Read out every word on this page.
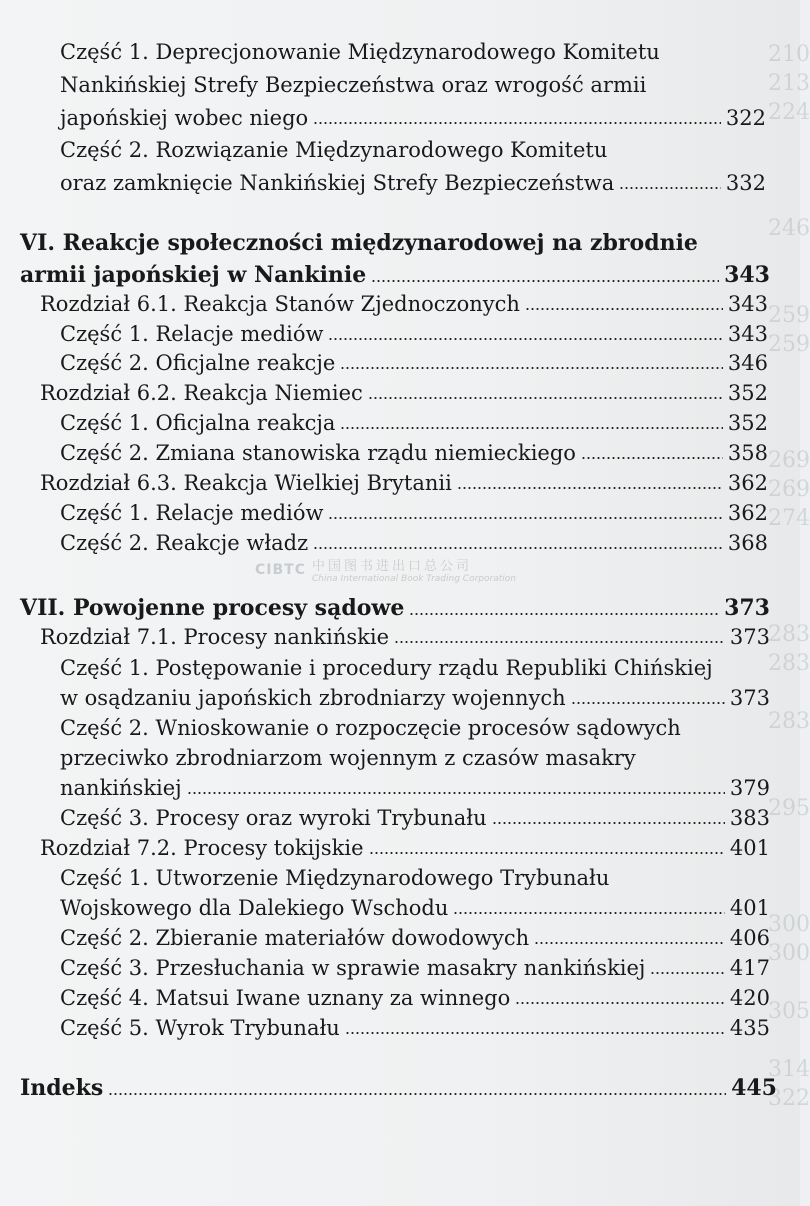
210
213
224

246

259
259

269
269
274

283
283

283

295

300
300

305

314
322
Część 1. Deprecjonowanie Międzynarodowego Komitetu
Nankińskiej Strefy Bezpieczeństwa oraz wrogość armii
japońskiej wobec niego	322
Część 2. Rozwiązanie Międzynarodowego Komitetu
oraz zamknięcie Nankińskiej Strefy Bezpieczeństwa	332
VI. Reakcje społeczności międzynarodowej na zbrodnie
armii japońskiej w Nankinie	343
Rozdział 6.1. Reakcja Stanów Zjednoczonych	343
Część 1. Relacje mediów	343
Część 2. Oficjalne reakcje	346
Rozdział 6.2. Reakcja Niemiec	352
Część 1. Oficjalna reakcja	352
Część 2. Zmiana stanowiska rządu niemieckiego	358
Rozdział 6.3. Reakcja Wielkiej Brytanii	362
Część 1. Relacje mediów	362
Część 2. Reakcje władz	368
CIBTC 中国图书进出口总公司
China International Book Trading Corporation
VII. Powojenne procesy sądowe	373
Rozdział 7.1. Procesy nankińskie	373
Część 1. Postępowanie i procedury rządu Republiki Chińskiej
w osądzaniu japońskich zbrodniarzy wojennych	373
Część 2. Wnioskowanie o rozpoczęcie procesów sądowych
przeciwko zbrodniarzom wojennym z czasów masakry
nankińskiej	379
Część 3. Procesy oraz wyroki Trybunału	383
Rozdział 7.2. Procesy tokijskie	401
Część 1. Utworzenie Międzynarodowego Trybunału
Wojskowego dla Dalekiego Wschodu	401
Część 2. Zbieranie materiałów dowodowych	406
Część 3. Przesłuchania w sprawie masakry nankińskiej	417
Część 4. Matsui Iwane uznany za winnego	420
Część 5. Wyrok Trybunału	435
Indeks	445
